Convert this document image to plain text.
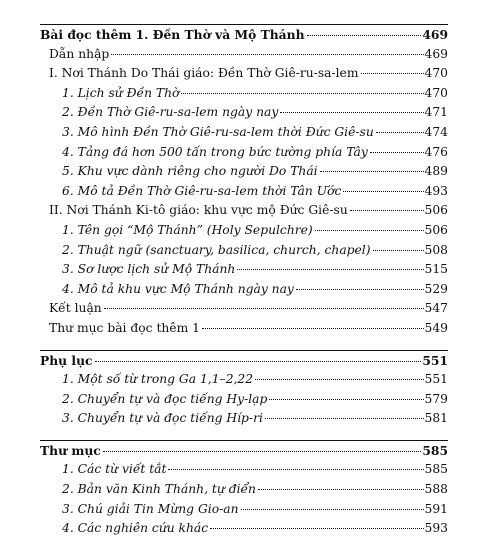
Bài đọc thêm 1. Đền Thờ và Mộ Thánh	469
Dẫn nhập	469
I. Nơi Thánh Do Thái giáo: Đền Thờ Giê-ru-sa-lem	470
1. Lịch sử Đền Thờ	470
2. Đền Thờ Giê-ru-sa-lem ngày nay	471
3. Mô hình Đền Thờ Giê-ru-sa-lem thời Đức Giê-su	474
4. Tảng đá hơn 500 tấn trong bức tường phía Tây	476
5. Khu vực dành riêng cho người Do Thái	489
6. Mô tả Đền Thờ Giê-ru-sa-lem thời Tân Ước	493
II. Nơi Thánh Ki-tô giáo: khu vực mộ Đức Giê-su	506
1. Tên gọi “Mộ Thánh” (Holy Sepulchre)	506
2. Thuật ngữ (sanctuary, basilica, church, chapel)	508
3. Sơ lược lịch sử Mộ Thánh	515
4. Mô tả khu vực Mộ Thánh ngày nay	529
Kết luận	547
Thư mục bài đọc thêm 1	549
Phụ lục	551
1. Một số từ trong Ga 1,1–2,22	551
2. Chuyển tự và đọc tiếng Hy-lạp	579
3. Chuyển tự và đọc tiếng Híp-ri	581
Thư mục	585
1. Các từ viết tắt	585
2. Bản văn Kinh Thánh, tự điển	588
3. Chú giải Tin Mừng Gio-an	591
4. Các nghiên cứu khác	593
